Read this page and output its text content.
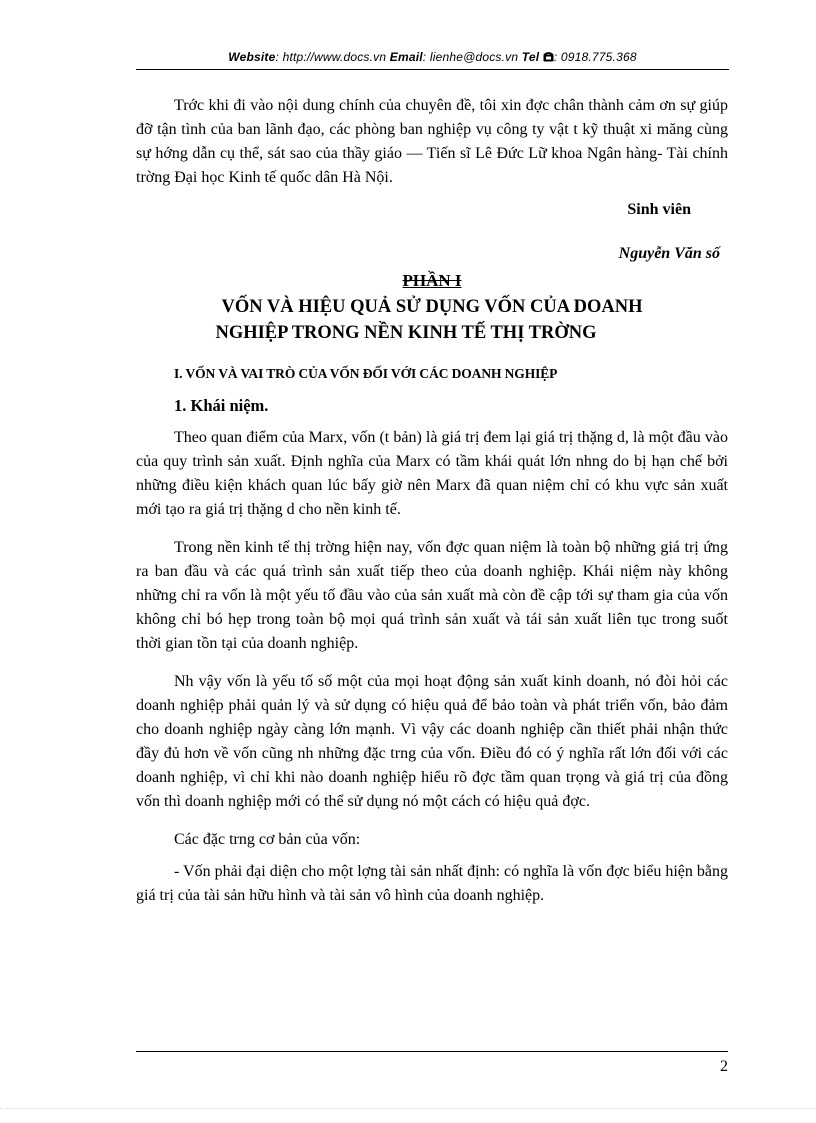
Website: http://www.docs.vn Email: lienhe@docs.vn Tel : 0918.775.368

Trớc khi đi vào nội dung chính của chuyên đề, tôi xin đợc chân thành cảm ơn sự giúp đỡ tận tình của ban lãnh đạo, các phòng ban nghiệp vụ công ty vật t kỹ thuật xi măng cùng sự hớng dẫn cụ thể, sát sao của thầy giáo — Tiến sĩ Lê Đức Lữ khoa Ngân hàng- Tài chính trờng Đại học Kinh tế quốc dân Hà Nội.

Sinh viên
Nguyễn Văn số
PHẦN I
VỐN VÀ HIỆU QUẢ SỬ DỤNG VỐN CỦA DOANH
NGHIỆP TRONG NỀN KINH TẾ THỊ TRỜNG
I. VỐN VÀ VAI TRÒ CỦA VỐN ĐỐI VỚI CÁC DOANH NGHIỆP
1. Khái niệm.

Theo quan điểm của Marx, vốn (t bản) là giá trị đem lại giá trị thặng d, là một đầu vào của quy trình sản xuất. Định nghĩa của Marx có tầm khái quát lớn nhng do bị hạn chế bởi những điều kiện khách quan lúc bấy giờ nên Marx đã quan niệm chỉ có khu vực sản xuất mới tạo ra giá trị thặng d cho nền kinh tế.

Trong nền kinh tế thị trờng hiện nay, vốn đợc quan niệm là toàn bộ những giá trị ứng ra ban đầu và các quá trình sản xuất tiếp theo của doanh nghiệp. Khái niệm này không những chỉ ra vốn là một yếu tố đầu vào của sản xuất mà còn đề cập tới sự tham gia của vốn không chỉ bó hẹp trong toàn bộ mọi quá trình sản xuất và tái sản xuất liên tục trong suốt thời gian tồn tại của doanh nghiệp.

Nh vậy vốn là yếu tố số một của mọi hoạt động sản xuất kinh doanh, nó đòi hỏi các doanh nghiệp phải quản lý và sử dụng có hiệu quả để bảo toàn và phát triển vốn, bảo đảm cho doanh nghiệp ngày càng lớn mạnh. Vì vậy các doanh nghiệp cần thiết phải nhận thức đầy đủ hơn về vốn cũng nh những đặc trng của vốn. Điều đó có ý nghĩa rất lớn đối với các doanh nghiệp, vì chỉ khi nào doanh nghiệp hiểu rõ đợc tầm quan trọng và giá trị của đồng vốn thì doanh nghiệp mới có thể sử dụng nó một cách có hiệu quả đợc.

Các đặc trng cơ bản của vốn:

- Vốn phải đại diện cho một lợng tài sản nhất định: có nghĩa là vốn đợc biểu hiện bằng giá trị của tài sản hữu hình và tài sản vô hình của doanh nghiệp.

2
